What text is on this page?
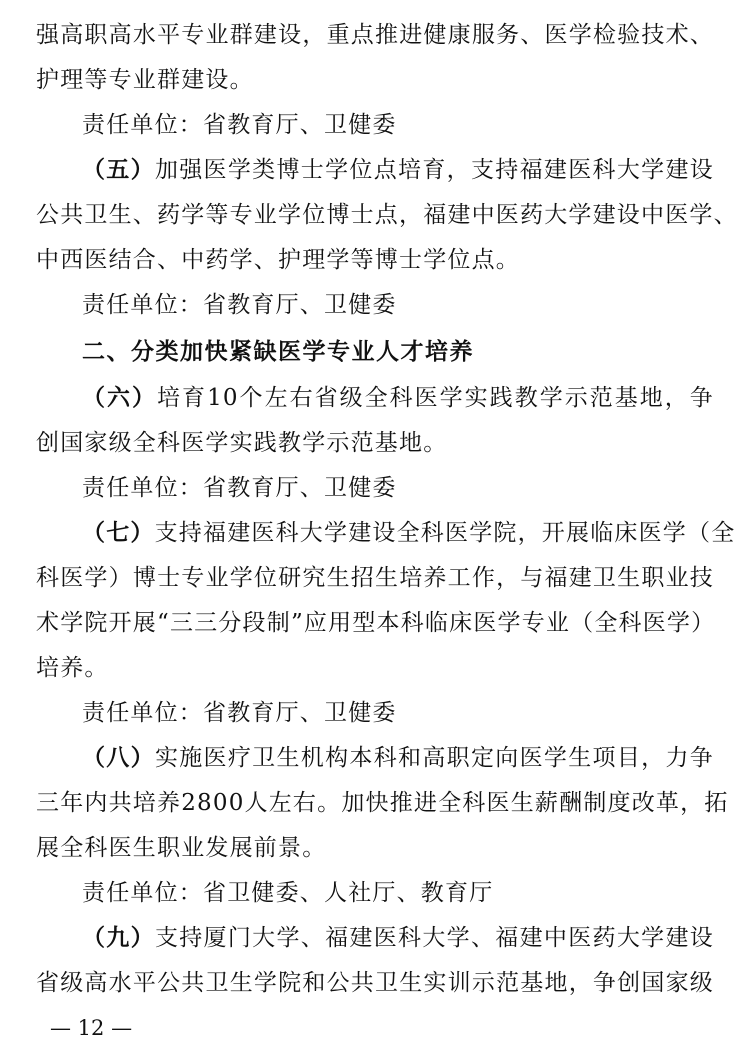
强高职高水平专业群建设，重点推进健康服务、医学检验技术、
护理等专业群建设。
责任单位：省教育厅、卫健委
（五）加强医学类博士学位点培育，支持福建医科大学建设
公共卫生、药学等专业学位博士点，福建中医药大学建设中医学、
中西医结合、中药学、护理学等博士学位点。
责任单位：省教育厅、卫健委
二、分类加快紧缺医学专业人才培养
（六）培育10个左右省级全科医学实践教学示范基地，争
创国家级全科医学实践教学示范基地。
责任单位：省教育厅、卫健委
（七）支持福建医科大学建设全科医学院，开展临床医学（全
科医学）博士专业学位研究生招生培养工作，与福建卫生职业技
术学院开展“三三分段制”应用型本科临床医学专业（全科医学）
培养。
责任单位：省教育厅、卫健委
（八）实施医疗卫生机构本科和高职定向医学生项目，力争
三年内共培养2800人左右。加快推进全科医生薪酬制度改革，拓
展全科医生职业发展前景。
责任单位：省卫健委、人社厅、教育厅
（九）支持厦门大学、福建医科大学、福建中医药大学建设
省级高水平公共卫生学院和公共卫生实训示范基地，争创国家级
— 12 —
